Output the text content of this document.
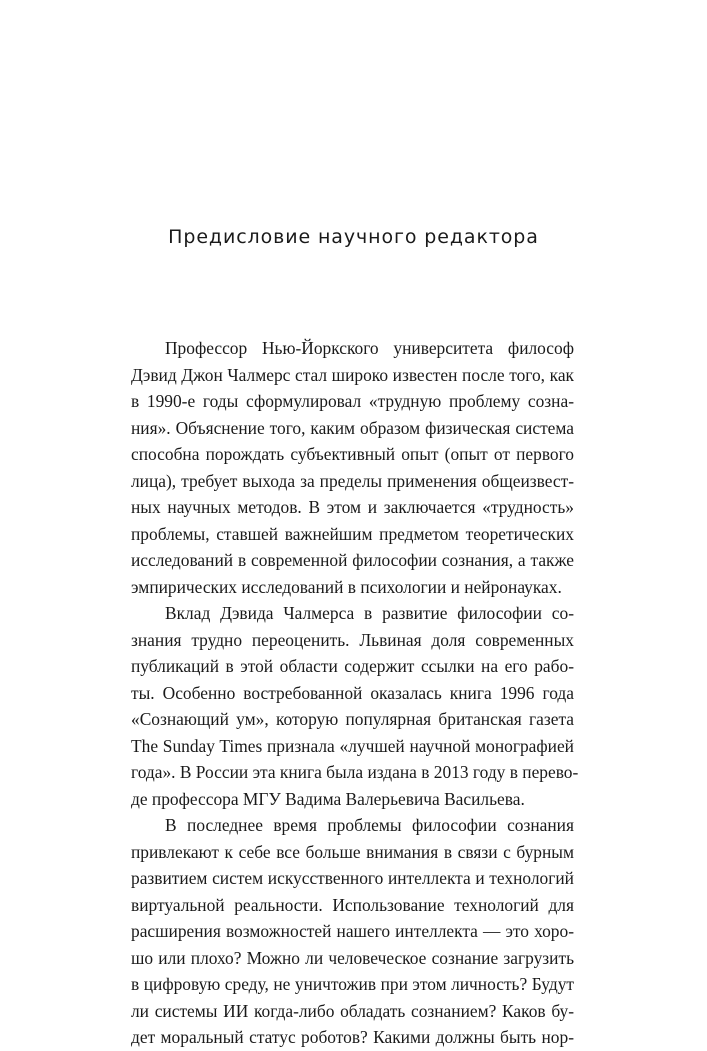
Предисловие научного редактора
Профессор Нью-Йоркского университета философ
Дэвид Джон Чалмерс стал широко известен после того, как
в 1990-е годы сформулировал «трудную проблему созна-
ния». Объяснение того, каким образом физическая система
способна порождать субъективный опыт (опыт от первого
лица), требует выхода за пределы применения общеизвест-
ных научных методов. В этом и заключается «трудность»
проблемы, ставшей важнейшим предметом теоретических
исследований в современной философии сознания, а также
эмпирических исследований в психологии и нейронауках.
Вклад Дэвида Чалмерса в развитие философии со-
знания трудно переоценить. Львиная доля современных
публикаций в этой области содержит ссылки на его рабо-
ты. Особенно востребованной оказалась книга 1996 года
«Сознающий ум», которую популярная британская газета
The Sunday Times признала «лучшей научной монографией
года». В России эта книга была издана в 2013 году в перево-
де профессора МГУ Вадима Валерьевича Васильева.
В последнее время проблемы философии сознания
привлекают к себе все больше внимания в связи с бурным
развитием систем искусственного интеллекта и технологий
виртуальной реальности. Использование технологий для
расширения возможностей нашего интеллекта — это хоро-
шо или плохо? Можно ли человеческое сознание загрузить
в цифровую среду, не уничтожив при этом личность? Будут
ли системы ИИ когда-либо обладать сознанием? Каков бу-
дет моральный статус роботов? Какими должны быть нор-
